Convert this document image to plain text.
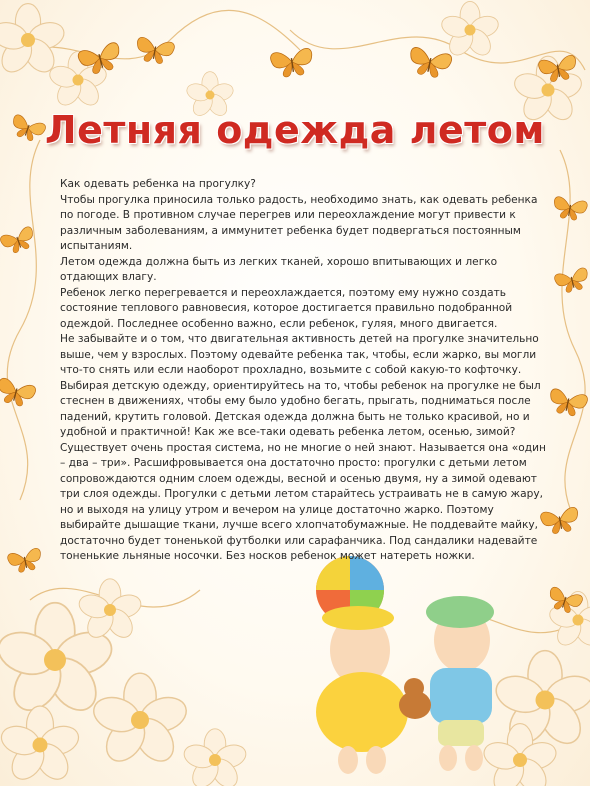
Летняя одежда летом

Как одевать ребенка на прогулку?

Чтобы прогулка приносила только радость, необходимо знать, как одевать ребенка по погоде. В противном случае перегрев или переохлаждение могут привести к различным заболеваниям, а иммунитет ребенка будет подвергаться постоянным испытаниям.

Летом одежда должна быть из легких тканей, хорошо впитывающих и легко отдающих влагу.

Ребенок легко перегревается и переохлаждается, поэтому ему нужно создать состояние теплового равновесия, которое достигается правильно подобранной одеждой. Последнее особенно важно, если ребенок, гуляя, много двигается.

Не забывайте и о том, что двигательная активность детей на прогулке значительно выше, чем у взрослых. Поэтому одевайте ребенка так, чтобы, если жарко, вы могли что-то снять или если наоборот прохладно, возьмите с собой какую-то кофточку.

Выбирая детскую одежду, ориентируйтесь на то, чтобы ребенок на прогулке не был стеснен в движениях, чтобы ему было удобно бегать, прыгать, подниматься после падений, крутить головой. Детская одежда должна быть не только красивой, но и удобной и практичной! Как же все-таки одевать ребенка летом, осенью, зимой? Существует очень простая система, но не многие о ней знают. Называется она «один – два – три». Расшифровывается она достаточно просто: прогулки с детьми летом сопровождаются одним слоем одежды, весной и осенью двумя, ну а зимой одевают три слоя одежды. Прогулки с детьми летом старайтесь устраивать не в самую жару, но и выходя на улицу утром и вечером на улице достаточно жарко. Поэтому выбирайте дышащие ткани, лучше всего хлопчатобумажные. Не поддевайте майку, достаточно будет тоненькой футболки или сарафанчика. Под сандалики надевайте тоненькие льняные носочки. Без носков ребенок может натереть ножки.
